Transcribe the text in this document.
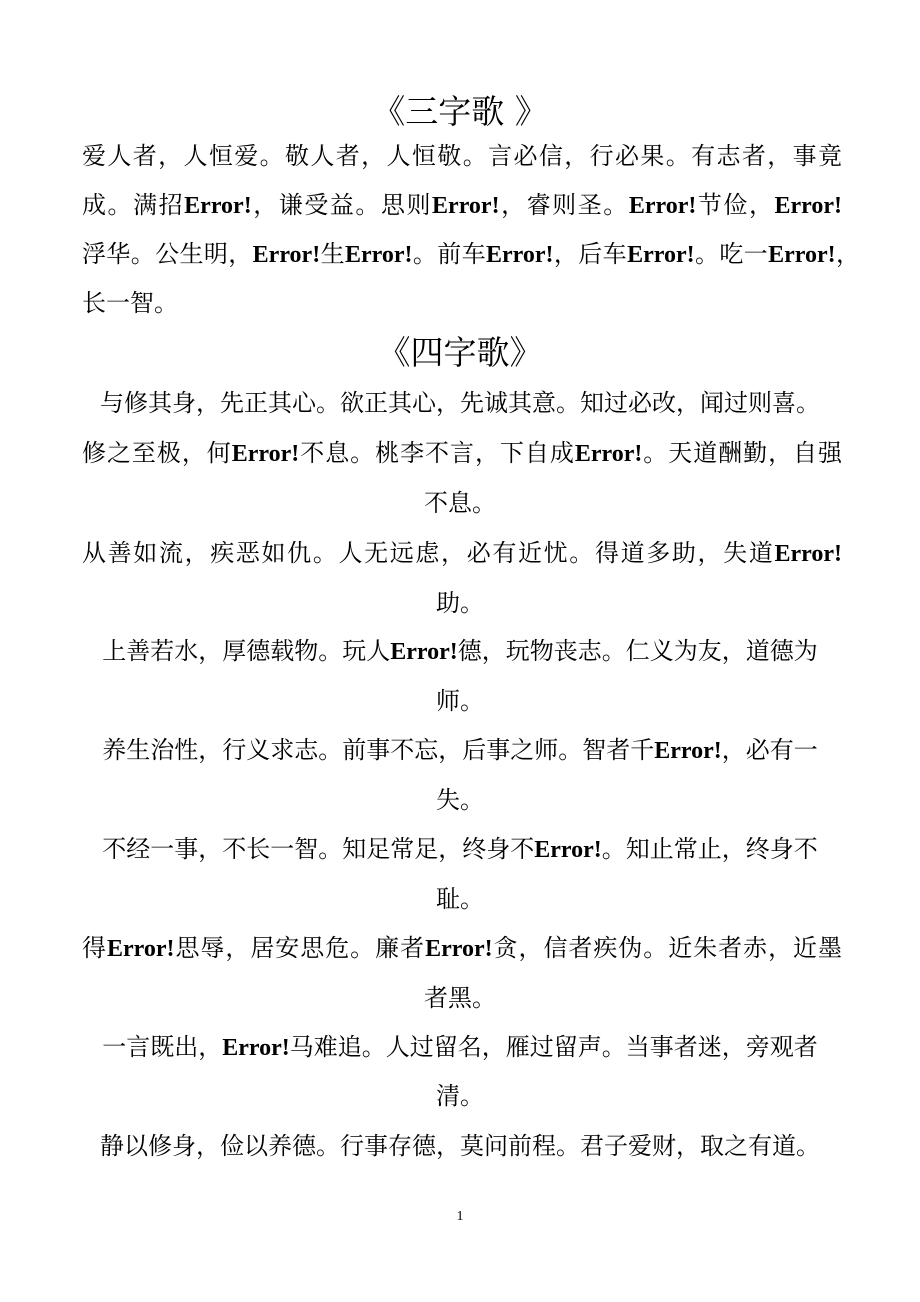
《三字歌 》
爱人者，人恒爱。敬人者，人恒敬。言必信，行必果。有志者，事竟
成。满招Error!，谦受益。思则Error!，睿则圣。Error!节俭，Error!
浮华。公生明，Error!生Error!。前车Error!，后车Error!。吃一Error!，
长一智。
《四字歌》
与修其身，先正其心。欲正其心，先诚其意。知过必改，闻过则喜。
修之至极，何Error!不息。桃李不言，下自成Error!。天道酬勤，自强
不息。
从善如流，疾恶如仇。人无远虑，必有近忧。得道多助，失道Error!
助。
上善若水，厚德载物。玩人Error!德，玩物丧志。仁义为友，道德为
师。
养生治性，行义求志。前事不忘，后事之师。智者千Error!，必有一
失。
不经一事，不长一智。知足常足，终身不Error!。知止常止，终身不
耻。
得Error!思辱，居安思危。廉者Error!贪，信者疾伪。近朱者赤，近墨
者黑。
一言既出，Error!马难追。人过留名，雁过留声。当事者迷，旁观者
清。
静以修身，俭以养德。行事存德，莫问前程。君子爱财，取之有道。
1
